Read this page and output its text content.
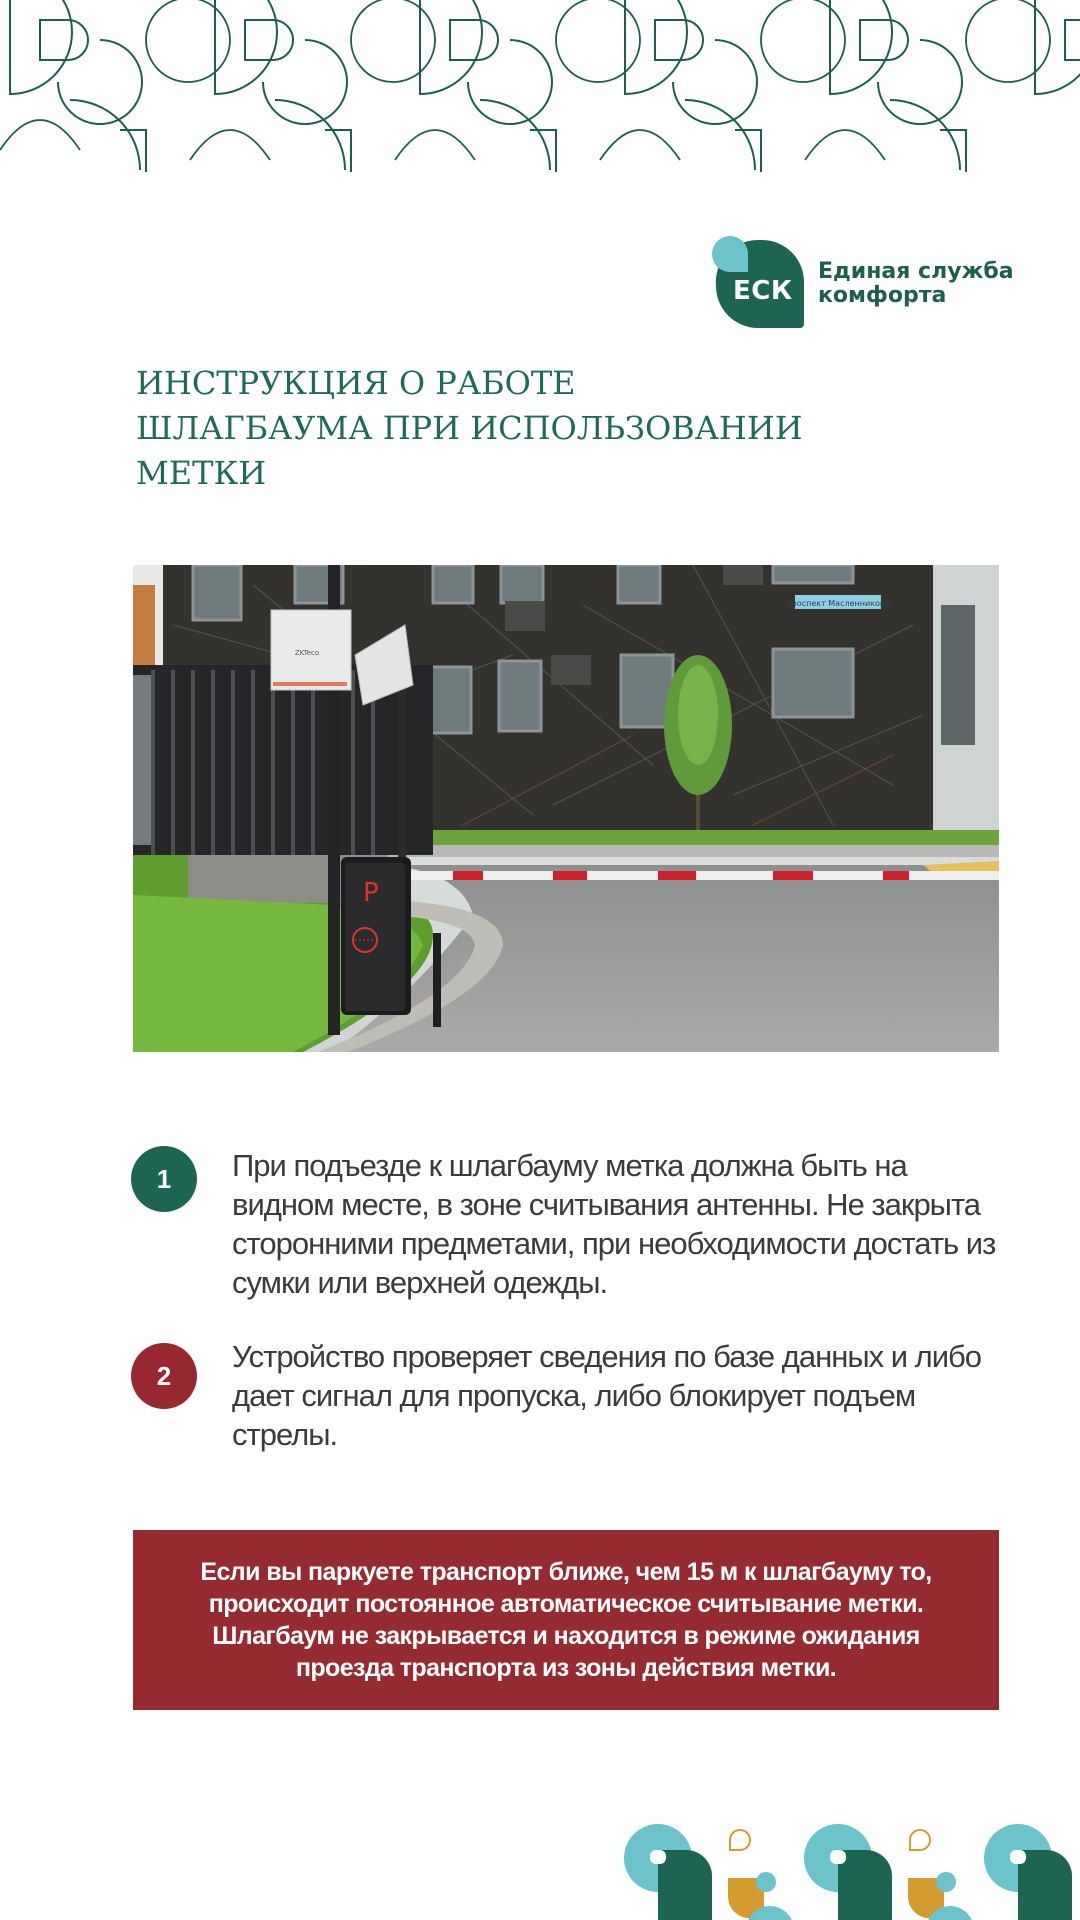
ЕСК
Единая служба
комфорта
ИНСТРУКЦИЯ О РАБОТЕ
ШЛАГБАУМА ПРИ ИСПОЛЬЗОВАНИИ
МЕТКИ
проспект Масленникова
ZKTeco
P
1	При подъезде к шлагбауму метка должна быть на видном месте, в зоне считывания антенны. Не закрыта сторонними предметами, при необходимости достать из сумки или верхней одежды.
2
Устройство проверяет сведения по базе данных и либо дает сигнал для пропуска, либо блокирует подъем стрелы.
Если вы паркуете транспорт ближе, чем 15 м к шлагбауму то, происходит постоянное автоматическое считывание метки. Шлагбаум не закрывается и находится в режиме ожидания проезда транспорта из зоны действия метки.
